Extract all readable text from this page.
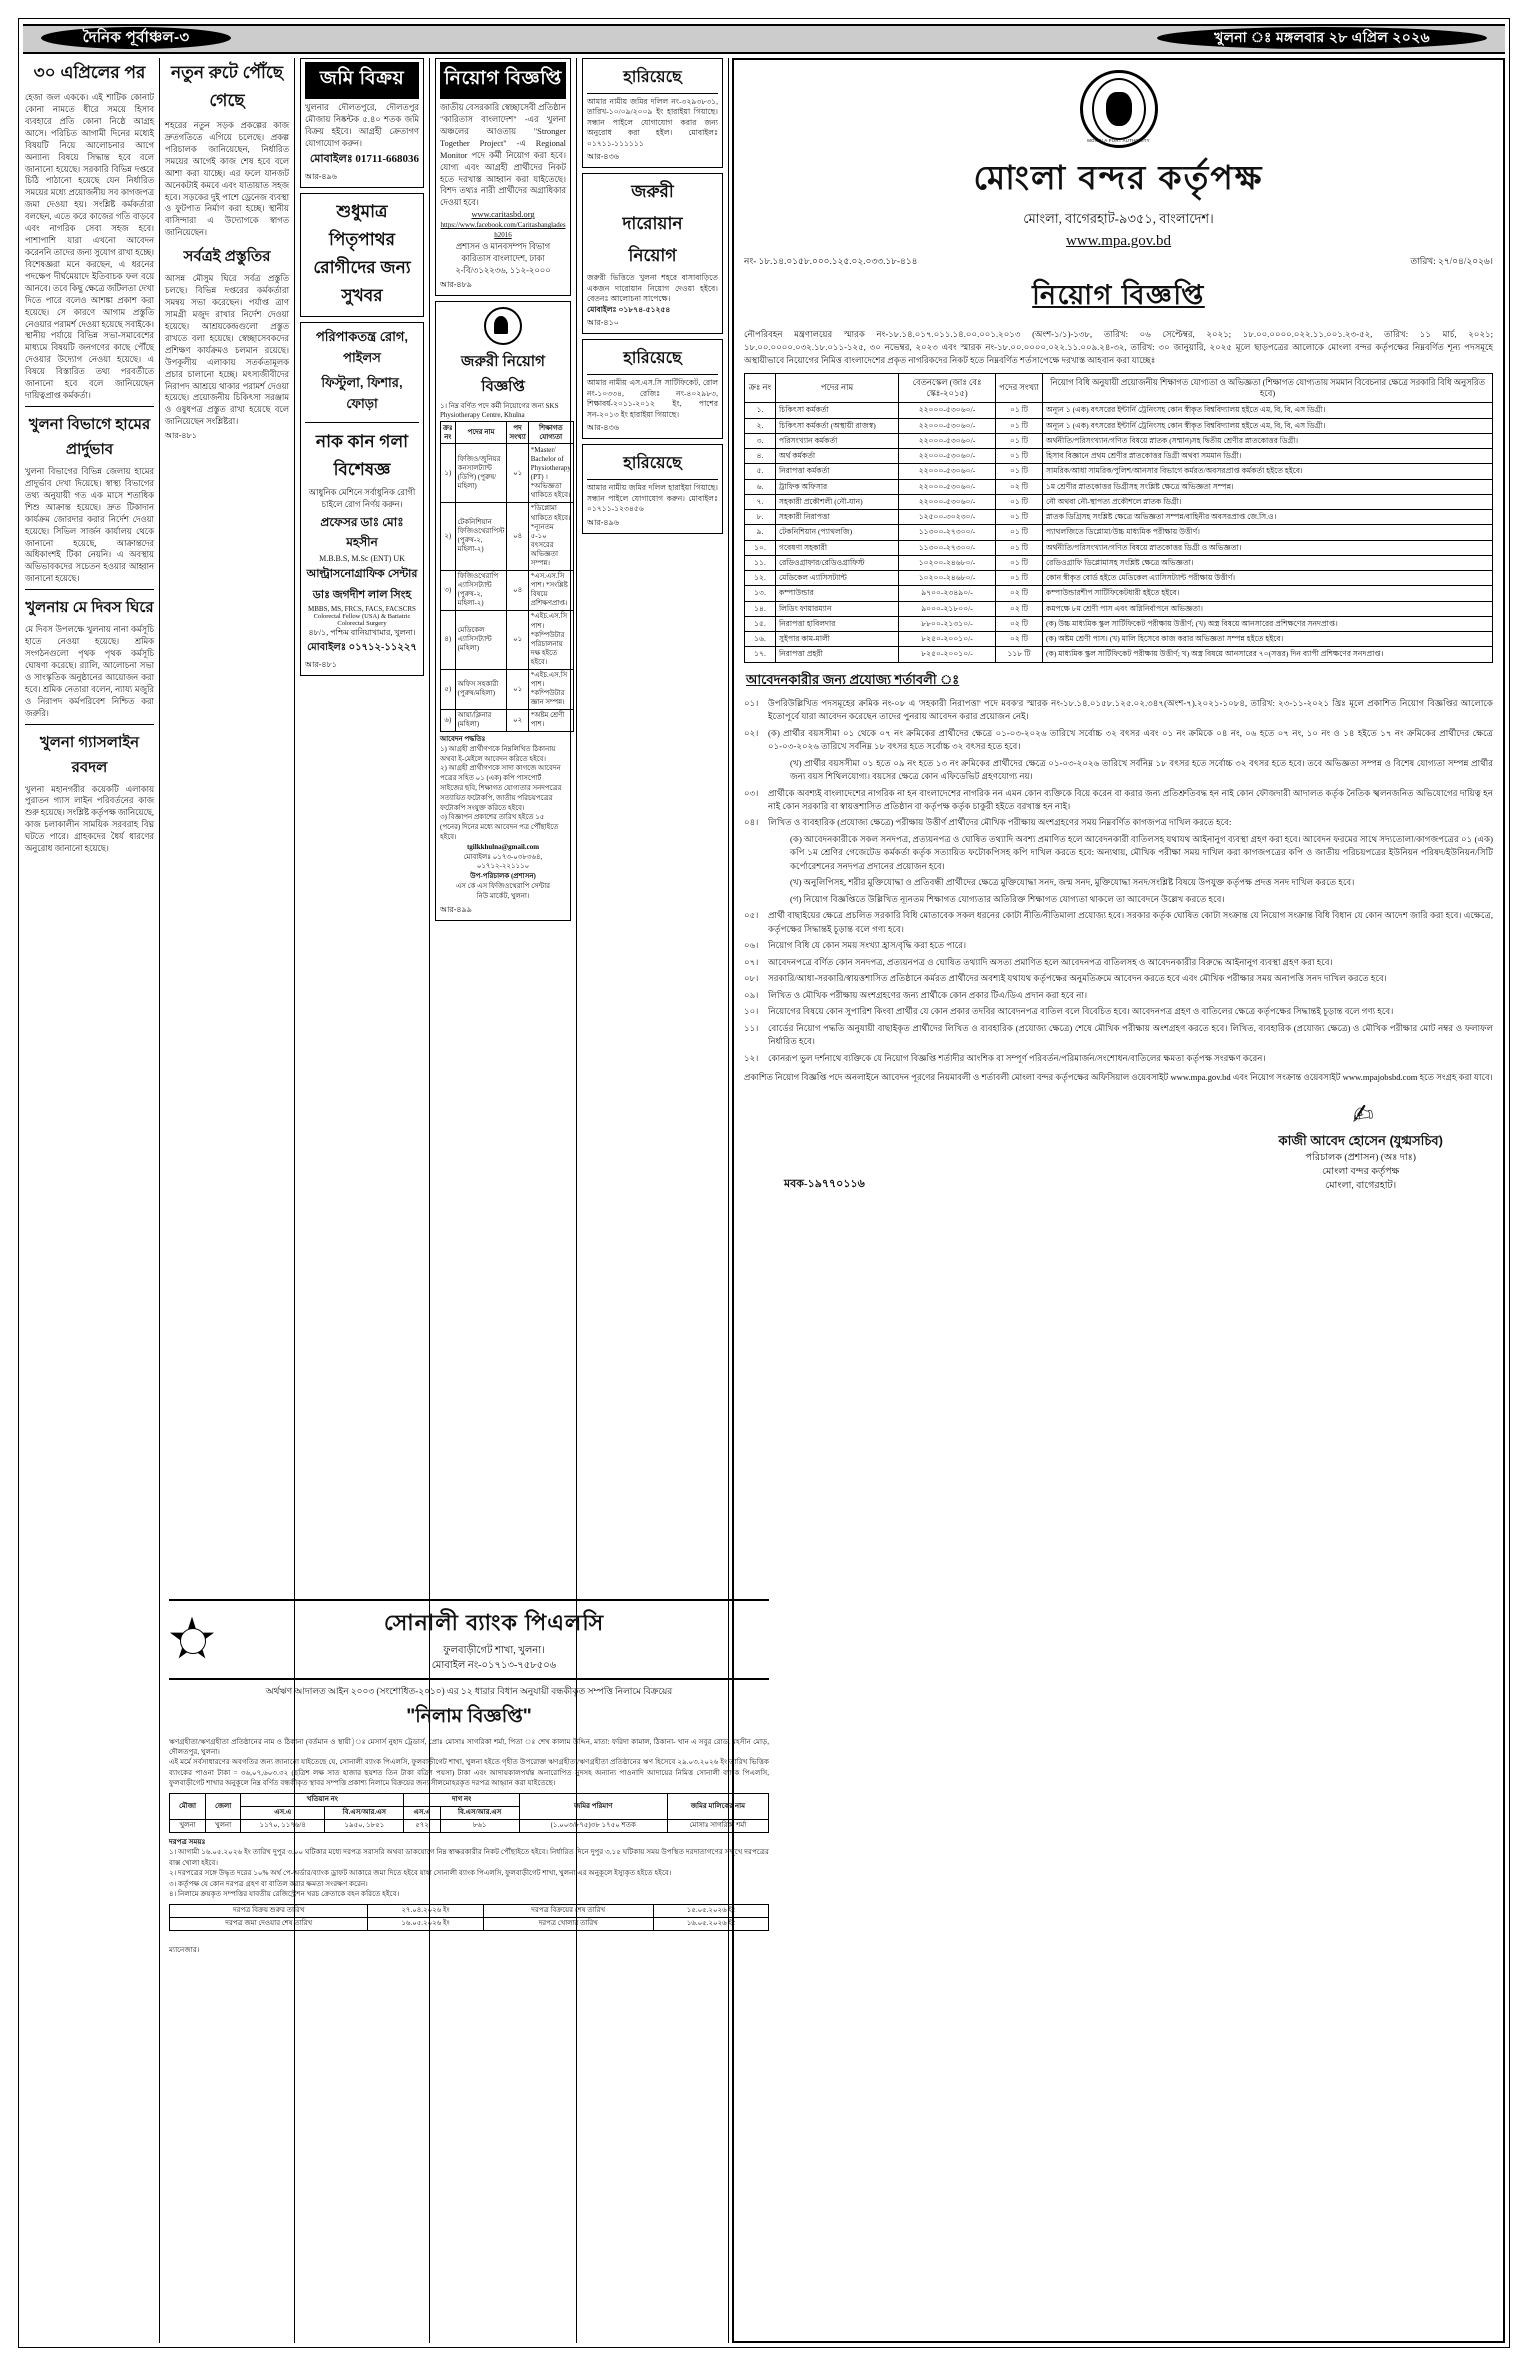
দৈনিক পূর্বাঞ্চল-৩	খুলনা ঃ মঙ্গলবার ২৮ এপ্রিল ২০২৬
৩০ এপ্রিলের পর
হেজা জল এককে। এই শাটিক কোনাট কোনা নামতে ধীরে সময়ে হিসাব ব্যবহারে প্রতি কোনা নিষ্ঠে আগ্রহ আসে। পরিচিত আগামী দিনের মধ্যেই বিষয়টি নিয়ে আলোচনার আগে অন্যান্য বিষয়ে সিদ্ধান্ত হবে বলে জানানো হয়েছে। সরকারি বিভিন্ন দপ্তরে চিঠি পাঠানো হয়েছে যেন নির্ধারিত সময়ের মধ্যে প্রয়োজনীয় সব কাগজপত্র জমা দেওয়া হয়। সংশ্লিষ্ট কর্মকর্তারা বলছেন, এতে করে কাজের গতি বাড়বে এবং নাগরিক সেবা সহজ হবে। পাশাপাশি যারা এখনো আবেদন করেননি তাদের জন্য সুযোগ রাখা হচ্ছে। বিশেষজ্ঞরা মনে করছেন, এ ধরনের পদক্ষেপ দীর্ঘমেয়াদে ইতিবাচক ফল বয়ে আনবে। তবে কিছু ক্ষেত্রে জটিলতা দেখা দিতে পারে বলেও আশঙ্কা প্রকাশ করা হয়েছে। সে কারণে আগাম প্রস্তুতি নেওয়ার পরামর্শ দেওয়া হয়েছে সবাইকে। স্থানীয় পর্যায়ে বিভিন্ন সভা-সমাবেশের মাধ্যমে বিষয়টি জনগণের কাছে পৌঁছে দেওয়ার উদ্যোগ নেওয়া হয়েছে। এ বিষয়ে বিস্তারিত তথ্য পরবর্তীতে জানানো হবে বলে জানিয়েছেন দায়িত্বপ্রাপ্ত কর্মকর্তা।
খুলনা বিভাগে হামের প্রার্দুভাব
খুলনা বিভাগের বিভিন্ন জেলায় হামের প্রাদুর্ভাব দেখা দিয়েছে। স্বাস্থ্য বিভাগের তথ্য অনুযায়ী গত এক মাসে শতাধিক শিশু আক্রান্ত হয়েছে। দ্রুত টিকাদান কার্যক্রম জোরদার করার নির্দেশ দেওয়া হয়েছে। সিভিল সার্জন কার্যালয় থেকে জানানো হয়েছে, আক্রান্তদের অধিকাংশই টিকা নেয়নি। এ অবস্থায় অভিভাবকদের সচেতন হওয়ার আহ্বান জানানো হয়েছে।
খুলনায় মে দিবস ঘিরে
মে দিবস উপলক্ষে খুলনায় নানা কর্মসূচি হাতে নেওয়া হয়েছে। শ্রমিক সংগঠনগুলো পৃথক পৃথক কর্মসূচি ঘোষণা করেছে। র‍্যালি, আলোচনা সভা ও সাংস্কৃতিক অনুষ্ঠানের আয়োজন করা হবে। শ্রমিক নেতারা বলেন, ন্যায্য মজুরি ও নিরাপদ কর্মপরিবেশ নিশ্চিত করা জরুরি।
খুলনা গ্যাসলাইন রবদল
খুলনা মহানগরীর কয়েকটি এলাকায় পুরাতন গ্যাস লাইন পরিবর্তনের কাজ শুরু হয়েছে। সংশ্লিষ্ট কর্তৃপক্ষ জানিয়েছে, কাজ চলাকালীন সাময়িক সরবরাহ বিঘ্ন ঘটতে পারে। গ্রাহকদের ধৈর্য ধারণের অনুরোধ জানানো হয়েছে।
নতুন রুটে পৌঁছে গেছে
শহরের নতুন সড়ক প্রকল্পের কাজ দ্রুতগতিতে এগিয়ে চলেছে। প্রকল্প পরিচালক জানিয়েছেন, নির্ধারিত সময়ের আগেই কাজ শেষ হবে বলে আশা করা যাচ্ছে। এর ফলে যানজট অনেকটাই কমবে এবং যাতায়াত সহজ হবে। সড়কের দুই পাশে ড্রেনেজ ব্যবস্থা ও ফুটপাত নির্মাণ করা হচ্ছে। স্থানীয় বাসিন্দারা এ উদ্যোগকে স্বাগত জানিয়েছেন।
সর্বত্রই প্রস্তুতির
আসন্ন মৌসুম ঘিরে সর্বত্র প্রস্তুতি চলছে। বিভিন্ন দপ্তরের কর্মকর্তারা সমন্বয় সভা করেছেন। পর্যাপ্ত ত্রাণ সামগ্রী মজুদ রাখার নির্দেশ দেওয়া হয়েছে। আশ্রয়কেন্দ্রগুলো প্রস্তুত রাখতে বলা হয়েছে। স্বেচ্ছাসেবকদের প্রশিক্ষণ কার্যক্রমও চলমান রয়েছে। উপকূলীয় এলাকায় সতর্কতামূলক প্রচার চালানো হচ্ছে। মৎস্যজীবীদের নিরাপদ আশ্রয়ে থাকার পরামর্শ দেওয়া হয়েছে। প্রয়োজনীয় চিকিৎসা সরঞ্জাম ও ওষুধপত্র প্রস্তুত রাখা হয়েছে বলে জানিয়েছেন সংশ্লিষ্টরা।
আর-৪৮১
জমি বিক্রয়
খুলনার দৌলতপুরে, দৌলতপুর মৌজায় নিষ্কন্টক ৫.৪০ শতক জমি বিক্রয় হইবে। আগ্রহী ক্রেতাগণ যোগাযোগ করুন।
মোবাইলঃ 01711-668036
আর-৪৯৬
শুধুমাত্র পিতৃপাথর রোগীদের জন্য সুখবর
পরিপাকতন্ত্র রোগ, পাইলস
ফিস্টুলা, ফিশার, ফোড়া
নাক কান গলা বিশেষজ্ঞ
আধুনিক মেশিনে সর্বাধুনিক রোগী চাইলে রোগ নির্ণয় করুন।
প্রফেসর ডাঃ মোঃ মহসীন
M.B.B.S, M.Sc (ENT) UK
আল্ট্রাসনোগ্রাফিক সেন্টার
ডাঃ জগদীশ লাল সিংহ
MBBS, MS, FRCS, FACS, FACSCRS
Colorectal Fellow (USA) & Bariatric Colorectal Surgery
৪৮/১, পশ্চিম বানিয়াখামার, খুলনা।
মোবাইলঃ ০১৭১২-১১২২৭
আর-৪৮১
নিয়োগ বিজ্ঞপ্তি
জাতীয় বেসরকারি স্বেচ্ছাসেবী প্রতিষ্ঠান "কারিতাস বাংলাদেশ" -এর খুলনা অঞ্চলের আওতায় "Stronger Together Project" -এ Regional Monitor পদে কর্মী নিয়োগ করা হবে। যোগ্য এবং আগ্রহী প্রার্থীদের নিকট হতে দরখাস্ত আহ্বান করা যাইতেছে। বিশদ তথ্যঃ নারী প্রার্থীদের অগ্রাধিকার দেওয়া হবে।
www.caritasbd.org
https://www.facebook.com/Caritasbangladesh2016
প্রশাসন ও মানবসম্পদ বিভাগ
কারিতাস বাংলাদেশ, ঢাকা
২-বি/৩১২২৩৬, ১১২-২০০০
আর-৪৮৯
জরুরী নিয়োগ বিজ্ঞপ্তি
১। নিম্ন বর্ণিত পদে কর্মী নিয়োগের জন্য SKS Physiotherapy Centre, Khulna
ক্রঃ নং	পদের নাম	পদ সংখ্যা	শিক্ষাগত যোগ্যতা
১)	ফিজিও/জুনিয়র কনসালট্যান্ট (ডিপি) (পুরুষ/মহিলা)	০১	*Master/ Bachelor of Physiotherapy (PT) । *অভিজ্ঞতা থাকিতে হইবে।
২)	টেকনিশিয়ান ফিজিওথেরাপিস্ট (পুরুষ-২, মহিলা-২)	০৪	*ডিপ্লোমা থাকিতে হইবে। *ন্যূনতম ৫-১০ বৎসরের অভিজ্ঞতা সম্পন্ন।
৩)	ফিজিওথেরাপি এ্যাসিসট্যান্ট (পুরুষ-২, মহিলা-২)	০৪	*এস.এস.সি পাশ। *সংশ্লিষ্ট বিষয়ে প্রশিক্ষণপ্রাপ্ত।
৪)	মেডিকেল এ্যাসিসট্যান্ট (মহিলা)	০১	*এইচ.এস.সি পাশ। *কম্পিউটার পরিচালনায় দক্ষ হইতে হইবে।
৫)	অফিস সহকারী (পুরুষ/মহিলা)	০১	*এইচ.এস.সি পাশ। *কম্পিউটার জ্ঞান সম্পন্ন।
৬)	আয়া/ক্লিনার (মহিলা)	০২	*অষ্টম শ্রেণী পাশ।
আবেদন পদ্ধতিঃ
১) আগ্রহী প্রার্থীগণকে নিম্নলিখিত ঠিকানায় অথবা ই-মেইলে আবেদন করিতে হইবে।
২) আগ্রহী প্রার্থীগণকে সাদা কাগজে আবেদন পত্রের সহিত ০১ (এক) কপি পাসপোর্ট সাইজের ছবি, শিক্ষাগত যোগ্যতার সনদপত্রের সত্যায়িত ফটোকপি, জাতীয় পরিচয়পত্রের ফটোকপি সংযুক্ত করিতে হইবে।
৩) বিজ্ঞাপন প্রকাশের তারিখ হইতে ১৫ (পনের) দিনের মধ্যে আবেদন পত্র পৌঁছাইতে হইবে।
tgilkkhulna@gmail.com
মোবাইলঃ ০১৭৩-০৩৮৩৬৪, ০১৭১২-২২১১১০
উপ-পরিচালক (প্রশাসন)
এস কে এস ফিজিওথেরাপি সেন্টার
নিউ মার্কেট, খুলনা।
আর-৪৯৯
হারিয়েছে
আমার নামীয় জমির দলিল নং-৩২৯৩৮৩১, তারিখ-১০/০৯/২০০৯ ইং হারাইয়া গিয়াছে। সন্ধান পাইলে যোগাযোগ করার জন্য অনুরোধ করা হইল। মোবাইলঃ ০১৭১১-১১১১১১
আর-৪৩৬
জরুরী
দারোয়ান
নিয়োগ
জরুরী ভিত্তিতে খুলনা শহরে বাসাবাড়িতে একজন দারোয়ান নিয়োগ দেওয়া হইবে। বেতনঃ আলোচনা সাপেক্ষে।
মোবাইলঃ ০১৮৭৪-৫১২৫৪
আর-৪১০
হারিয়েছে
আমার নামীয় এস.এস.সি সার্টিফিকেট, রোল নং-১০৩৩৪, রেজিঃ নং-৪০২৯৮৩, শিক্ষাবর্ষ-২০১১-২০১২ ইং, পাশের সন-২০১৩ ইং হারাইয়া গিয়াছে।
আর-৪৩৬
হারিয়েছে
আমার নামীয় জমির দলিল হারাইয়া গিয়াছে। সন্ধান পাইলে যোগাযোগ করুন। মোবাইলঃ ০১৭১১-১২৩৪৫৬
আর-৪৯৬
MONGLA PORT AUTHORITY
মোংলা বন্দর কর্তৃপক্ষ
মোংলা, বাগেরহাট-৯৩৫১, বাংলাদেশ।
www.mpa.gov.bd
নং- ১৮.১৪.০১৫৮.০০০.১২৫.০২.০৩৩.১৮-৪১৪	তারিখ: ২৭/০৪/২০২৬।
নিয়োগ বিজ্ঞপ্তি
নৌপরিবহন মন্ত্রণালয়ের স্মারক নং-১৮.১৪.০১৭.০১১.১৪.০০.০০১.২০১৩ (অংশ-১/১)-১৩৮, তারিখ: ০৬ সেপ্টেম্বর, ২০২১; ১৮.০০.০০০০.০২২.১১.০০১.২৩-৫২, তারিখ: ১১ মার্চ, ২০২১; ১৮.০০.০০০০.০৩২.১৮.০১১-১২৫, ৩০ নভেম্বর, ২০২৩ এবং স্মারক নং-১৮.০০.০০০০.০২২.১১.০০৯.২৪-৩২, তারিখ: ৩০ জানুয়ারি, ২০২৫ মূলে ছাড়পত্রের আলোকে মোংলা বন্দর কর্তৃপক্ষের নিম্নবর্ণিত শূন্য পদসমূহে অস্থায়ীভাবে নিয়োগের নিমিত্ত বাংলাদেশের প্রকৃত নাগরিকদের নিকট হতে নিম্নবর্ণিত শর্তসাপেক্ষে দরখাস্ত আহবান করা যাচ্ছেঃ
ক্রঃ নং	পদের নাম	বেতনস্কেল (জাঃ বেঃ স্কেঃ-২০১৫)	পদের সংখ্যা	নিয়োগ বিধি অনুযায়ী প্রয়োজনীয় শিক্ষাগত যোগ্যতা ও অভিজ্ঞতা (শিক্ষাগত যোগ্যতায় সমমান বিবেচনার ক্ষেত্রে সরকারি বিধি অনুসরিত হবে)
১.	চিকিৎসা কর্মকর্তা	২২০০০-৫৩০৬০/-	০১ টি	অন্যূন ১ (এক) বৎসরের ইন্টার্নি ট্রেনিংসহ কোন স্বীকৃত বিশ্ববিদ্যালয় হইতে এম, বি, বি, এস ডিগ্রী।
২.	চিকিৎসা কর্মকর্তা (অস্থায়ী রাজস্ব)	২২০০০-৫৩০৬০/-	০১ টি	অন্যূন ১ (এক) বৎসরের ইন্টার্নি ট্রেনিংসহ কোন স্বীকৃত বিশ্ববিদ্যালয় হইতে এম, বি, বি, এস ডিগ্রী।
৩.	পরিসংখ্যান কর্মকর্তা	২২০০০-৫৩০৬০/-	০১ টি	অর্থনীতি/পরিসংখ্যান/গণিত বিষয়ে স্নাতক (সম্মান)সহ দ্বিতীয় শ্রেণীর স্নাতকোত্তর ডিগ্রী।
৪.	অর্থ কর্মকর্তা	২২০০০-৫৩০৬০/-	০১ টি	হিসাব বিজ্ঞানে প্রথম শ্রেণীর স্নাতকোত্তর ডিগ্রী অথবা সমমান ডিগ্রী।
৫.	নিরাপত্তা কর্মকর্তা	২২০০০-৫৩০৬০/-	০১ টি	সামরিক/আধা সামরিক/পুলিশ/আনসার বিভাগে কর্মরত/অবসরপ্রাপ্ত কর্মকর্তা হইতে হইবে।
৬.	ট্রাফিক অফিসার	২২০০০-৫৩০৬০/-	০২ টি	১ম শ্রেণীর স্নাতকোত্তর ডিগ্রীসহ সংশ্লিষ্ট ক্ষেত্রে অভিজ্ঞতা সম্পন্ন।
৭.	সহকারী প্রকৌশলী (নৌ-যান)	২২০০০-৫৩০৬০/-	০১ টি	নৌ অথবা নৌ-স্থাপত্য প্রকৌশলে স্নাতক ডিগ্রী।
৮.	সহকারী নিরাপত্তা	১২৫০০-৩০২৩০/-	০১ টি	স্নাতক ডিগ্রিসহ সংশ্লিষ্ট ক্ষেত্রে অভিজ্ঞতা সম্পন্ন/বাহিনীর অবসরপ্রাপ্ত জে.সি.ও।
৯.	টেকনিশিয়ান (প্যাথলজি)	১১৩০০-২৭৩০০/-	০১ টি	প্যাথলজিতে ডিপ্লোমা/উচ্চ মাধ্যমিক পরীক্ষায় উত্তীর্ণ।
১০.	গবেষণা সহকারী	১১৩০০-২৭৩০০/-	০১ টি	অর্থনীতি/পরিসংখ্যান/গণিত বিষয়ে স্নাতকোত্তর ডিগ্রী ও অভিজ্ঞতা।
১১.	রেডিওগ্রাফার/রেডিওগ্রাফিস্ট	১০২০০-২৪৬৮০/-	০১ টি	রেডিওগ্রাফি ডিপ্লোমাসহ সংশ্লিষ্ট ক্ষেত্রে অভিজ্ঞতা।
১২.	মেডিকেল এ্যাসিসট্যান্ট	১০২০০-২৪৬৮০/-	০১ টি	কোন স্বীকৃত বোর্ড হইতে মেডিকেল এ্যাসিসট্যান্ট পরীক্ষায় উত্তীর্ণ।
১৩.	কম্পাউন্ডার	৯৭০০-২৩৪৯০/-	০২ টি	কম্পাউন্ডারশীপ সার্টিফিকেটধারী হইতে হইবে।
১৪.	লিডিং ফায়ারম্যান	৯০০০-২১৮০০/-	০২ টি	কমপক্ষে ৮ম শ্রেণী পাস এবং অগ্নিনির্বাপনে অভিজ্ঞতা।
১৫.	নিরাপত্তা হাবিলদার	৮৮০০-২১৩১০/-	০২ টি	(ক) উচ্চ মাধ্যমিক স্কুল সার্টিফিকেট পরীক্ষায় উত্তীর্ণ; (খ) অস্ত্র বিষয়ে আনসারের প্রশিক্ষণের সনদপ্রাপ্ত।
১৬.	সুইপার কাম-মালী	৮২৫০-২০০১০/-	০২ টি	(ক) অষ্টম শ্রেণী পাস। (খ) মালি হিসেবে কাজ করার অভিজ্ঞতা সম্পন্ন হইতে হইবে।
১৭.	নিরাপত্তা প্রহরী	৮২৫০-২০০১০/-	১১৮ টি	(ক) মাধ্যমিক স্কুল সার্টিফিকেট পরীক্ষায় উত্তীর্ণ; খ) অস্ত্র বিষয়ে আনসারের ৭০(সত্তর) দিন ব্যাপী প্রশিক্ষণের সনদপ্রাপ্ত।
আবেদনকারীর জন্য প্রযোজ্য শর্তাবলী ঃ
০১।	উপরিউল্লিখিত পদসমূহের ক্রমিক নং-০৮ এ 'সহকারী নিরাপত্তা' পদে মবক'র স্মারক নং-১৮.১৪.০১৫৮.১২৫.০২.৩৪৭(অংশ-৭).২০২১-১০৮৪, তারিখ: ২৩-১১-২০২১ খ্রিঃ মূলে প্রকাশিত নিয়োগ বিজ্ঞপ্তির আলোকে ইতোপূর্বে যারা আবেদন করেছেন তাদের পুনরায় আবেদন করার প্রয়োজন নেই।
০২।	(ক) প্রার্থীর বয়সসীমা ০১ থেকে ০৭ নং ক্রমিকের প্রার্থীদের ক্ষেত্রে ০১-০৩-২০২৬ তারিখে সর্বোচ্চ ৩২ বৎসর এবং ০১ নং ক্রমিকে ০৪ নং, ০৬ হতে ০৭ নং, ১০ নং ও ১৪ হইতে ১৭ নং ক্রমিকের প্রার্থীদের ক্ষেত্রে ০১-০৩-২০২৬ তারিখে সর্বনিম্ন ১৮ বৎসর হতে সর্বোচ্চ ৩২ বৎসর হতে হবে।
(খ) প্রার্থীর বয়সসীমা ০১ হতে ০৯ নং হতে ১৩ নং ক্রমিকের প্রার্থীদের ক্ষেত্রে ০১-০৩-২০২৬ তারিখে সর্বনিম্ন ১৮ বৎসর হতে সর্বোচ্চ ৩২ বৎসর হতে হবে। তবে অভিজ্ঞতা সম্পন্ন ও বিশেষ যোগ্যতা সম্পন্ন প্রার্থীর জন্য বয়স শিথিলযোগ্য। বয়সের ক্ষেত্রে কোন এফিডেভিট গ্রহণযোগ্য নয়।
০৩।	প্রার্থীকে অবশ্যই বাংলাদেশের নাগরিক না হন বাংলাদেশের নাগরিক নন এমন কোন ব্যক্তিকে বিয়ে করেন বা করার জন্য প্রতিশ্রুতিবদ্ধ হন নাই কোন ফৌজদারী আদালত কর্তৃক নৈতিক স্খলনজনিত অভিযোগের দায়িত্ব হন নাই কোন সরকারি বা স্বায়ত্তশাসিত প্রতিষ্ঠান বা কর্তৃপক্ষ কর্তৃক চাকুরী হইতে বরখাস্ত হন নাই।
০৪।	লিখিত ও ব্যবহারিক (প্রযোজ্য ক্ষেত্রে) পরীক্ষায় উত্তীর্ণ প্রার্থীদের মৌখিক পরীক্ষায় অংশগ্রহণের সময় নিম্নবর্ণিত কাগজপত্র দাখিল করতে হবে:
(ক) আবেদনকারীকে সকল সনদপত্র, প্রত্যয়নপত্র ও ঘোষিত তথ্যাদি অবশ্য প্রমাণিত হলে আবেদনকারী বাতিলসহ যথাযথ আইনানুগ ব্যবস্থা গ্রহণ করা হবে। আবেদন ফরমের সাথে সদ্যতোলা/কাগজপত্রের ০১ (এক) কপি ১ম শ্রেণির গেজেটেড কর্মকর্তা কর্তৃক সত্যায়িত ফটোকপিসহ কপি দাখিল করতে হবে: অন্যথায়, মৌখিক পরীক্ষা সময় দাখিল করা কাগজপত্রের কপি ও জাতীয় পরিচয়পত্রের ইউনিয়ন পরিষদ/ইউনিয়ন/সিটি কর্পোরেশনের সনদপত্র প্রদানের প্রয়োজন হবে।
(খ) অনুলিপিসহ, শরীর মুক্তিযোদ্ধা ও প্রতিবন্ধী প্রার্থীদের ক্ষেত্রে মুক্তিযোদ্ধা সনদ, জন্ম সনদ, মুক্তিযোদ্ধা সনদ/সংশ্লিষ্ট বিষয়ে উপযুক্ত কর্তৃপক্ষ প্রদত্ত সনদ দাখিল করতে হবে।
(গ) নিয়োগ বিজ্ঞপ্তিতে উল্লিখিত ন্যূনতম শিক্ষাগত যোগ্যতার অতিরিক্ত শিক্ষাগত যোগ্যতা থাকলে তা আবেদনে উল্লেখ করতে হবে।
০৫।	প্রার্থী বাছাইয়ের ক্ষেত্রে প্রচলিত সরকারি বিধি মোতাবেক সকল ধরনের কোটা নীতি/নীতিমালা প্রযোজ্য হবে। সরকার কর্তৃক ঘোষিত কোটা সংক্রান্ত যে নিয়োগ সংক্রান্ত বিধি বিধান যে কোন আদেশ জারি করা হবে। এক্ষেত্রে, কর্তৃপক্ষের সিদ্ধান্তই চূড়ান্ত বলে গণ্য হবে।
০৬।	নিয়োগ বিধি যে কোন সময় সংখ্যা হ্রাস/বৃদ্ধি করা হতে পারে।
০৭।	আবেদনপত্রে বর্ণিত কোন সনদপত্র, প্রত্যয়নপত্র ও ঘোষিত তথ্যাদি অসত্য প্রমাণিত হলে আবেদনপত্র বাতিলসহ ও আবেদনকারীর বিরুদ্ধে আইনানুগ ব্যবস্থা গ্রহণ করা হবে।
০৮।	সরকারি/আধা-সরকারি/স্বায়ত্তশাসিত প্রতিষ্ঠানে কর্মরত প্রার্থীদের অবশ্যই যথাযথ কর্তৃপক্ষের অনুমতিক্রমে আবেদন করতে হবে এবং মৌখিক পরীক্ষার সময় অনাপত্তি সনদ দাখিল করতে হবে।
০৯।	লিখিত ও মৌখিক পরীক্ষায় অংশগ্রহণের জন্য প্রার্থীকে কোন প্রকার টিএ/ডিএ প্রদান করা হবে না।
১০।	নিয়োগের বিষয়ে কোন সুপারিশ কিংবা প্রার্থীর যে কোন প্রকার তদবির আবেদনপত্র বাতিল বলে বিবেচিত হবে। আবেদনপত্র গ্রহণ ও বাতিলের ক্ষেত্রে কর্তৃপক্ষের সিদ্ধান্তই চূড়ান্ত বলে গণ্য হবে।
১১।	বোর্ডের নিয়োগ পদ্ধতি অনুযায়ী বাছাইকৃত প্রার্থীদের লিখিত ও ব্যবহারিক (প্রযোজ্য ক্ষেত্রে) শেষে মৌখিক পরীক্ষায় অংশগ্রহণ করতে হবে। লিখিত, ব্যবহারিক (প্রযোজ্য ক্ষেত্রে) ও মৌখিক পরীক্ষার মোট নম্বর ও ফলাফল নির্ধারিত হবে।
১২।	কোনরূপ ভুল দর্শনাথে ব্যক্তিকে যে নিয়োগ বিজ্ঞপ্তি শর্তাদীর আংশিক বা সম্পূর্ণ পরিবর্তন/পরিমার্জন/সংশোধন/বাতিলের ক্ষমতা কর্তৃপক্ষ সংরক্ষণ করেন।
প্রকাশিত নিয়োগ বিজ্ঞপ্তি পদে অনলাইনে আবেদন পূরণের নিয়মাবলী ও শর্তাবলী মোংলা বন্দর কর্তৃপক্ষের অফিসিয়াল ওয়েবসাইট www.mpa.gov.bd এবং নিয়োগ সংক্রান্ত ওয়েবসাইট www.mpajobsbd.com হতে সংগ্রহ করা যাবে।
মবক-১৯৭৭০১১৬
✍
কাজী আবেদ হোসেন (যুগ্মসচিব)
পরিচালক (প্রশাসন) (অঃ দাঃ)
মোংলা বন্দর কর্তৃপক্ষ
মোংলা, বাগেরহাট।
সোনালী ব্যাংক পিএলসি
ফুলবাড়ীগেট শাখা, খুলনা।
মোবাইল নং-০১৭১৩-৭৫৮৫০৬
অর্থঋণ আদালত আইন ২০০৩ (সংশোধিত-২০১০) এর ১২ ধারার বিধান অনুযায়ী বন্ধকীকৃত সম্পত্তি নিলামে বিক্রয়ের
"নিলাম বিজ্ঞপ্তি"
ঋণগ্রহীতা/ঋণগ্রহীতা প্রতিষ্ঠানের নাম ও ঠিকানা (বর্তমান ও স্থায়ী)ঃ মেসার্স নুহাদ ট্রেডার্স, প্রোঃ মোসাঃ সাগরিকা শর্মা, পিতা ঃ শেখ কালাম উদ্দিন, মাতা: ফরিদা কামাল, ঠিকানা- খান এ সবুর রোড, মহসীন মোড়, দৌলতপুর, খুলনা।
এই মর্মে সর্বসাধারণের অবগতির জন্য জানানো যাইতেছে যে, সোনালী ব্যাংক পিএলসি, ফুলবাড়ীগেট শাখা, খুলনা হইতে গৃহীত উপরোক্ত ঋণগ্রহীতা/ঋণগ্রহীতা প্রতিষ্ঠানের ঋণ হিসেবে ২৯.০৩.২০২৬ ইং তারিখ ভিত্তিক ব্যাংকের পাওনা টাকা = ৩৬,০৭,৬০৩.৩২ (ছত্রিশ লক্ষ সাত হাজার ছয়শত তিন টাকা বত্রিশ পয়সা) টাকা এবং আদায়কালপর্যন্ত অনারোপিত সুদসহ অন্যান্য পাওনাদি আদায়ের নিমিত্ত সোনালী ব্যাংক পিএলসি, ফুলবাড়ীগেট শাখার অনুকূলে নিম্ন বর্ণিত বন্ধকীকৃত স্থাবর সম্পত্তি প্রকাশ্য নিলামে বিক্রয়ের জন্য সীলমোহরকৃত দরপত্র আহ্বান করা যাইতেছে।
মৌজা	জেলা	খতিয়ান নং		দাগ নং		জমির পরিমাণ	জমির মালিকের নাম
		এস.এ	বি.এস/আর.এস	এস.এ	বি.এস/আর.এস		
খুলনা	খুলনা	১১৭০, ১১৭৬/৪	১৯৫০, ১৮৫১	৫৭২	৮৬১	(১.০০৩/৮৭৫)৩৮ ১৭৫০ শতক	মোসাঃ সাগরিকা শর্মা
দরপত্র সময়ঃ
১। আগামী ১৬.০৫.২০২৬ ইং তারিখ দুপুর ৩.০০ ঘটিকার মধ্যে দরপত্র সরাসরি অথবা ডাকযোগে নিম্ন স্বাক্ষরকারীর নিকট পৌঁছাইতে হইবে। নির্ধারিত দিনে দুপুর ৩.১৫ ঘটিকায় সময় উপস্থিত দরদাতাগণের সম্মুখে দরপত্রের বাক্স খোলা হইবে।
২। দরপত্রের সঙ্গে উদ্ধৃত দরের ১০% অর্থ পে-অর্ডার/ব্যাংক ড্রাফট আকারে জমা দিতে হইবে যাহা সোনালী ব্যাংক পিএলসি, ফুলবাড়ীগেট শাখা, খুলনা এর অনুকূলে ইস্যুকৃত হইতে হইবে।
৩। কর্তৃপক্ষ যে কোন দরপত্র গ্রহণ বা বাতিল করার ক্ষমতা সংরক্ষণ করেন।
৪। নিলামে ক্রয়কৃত সম্পত্তির যাবতীয় রেজিস্ট্রেশন খরচ ক্রেতাকে বহন করিতে হইবে।
দরপত্র বিক্রয় শুরুর তারিখ	২৭.০৪.২০২৬ ইং	দরপত্র বিক্রয়ের শেষ তারিখ	১৫.০৫.২০২৬ ইং
দরপত্র জমা দেওয়ার শেষ তারিখ	১৬.০৫.২০২৬ ইং	দরপত্র খোলার তারিখ	১৬.০৫.২০২৬ ইং
ম্যানেজার।
